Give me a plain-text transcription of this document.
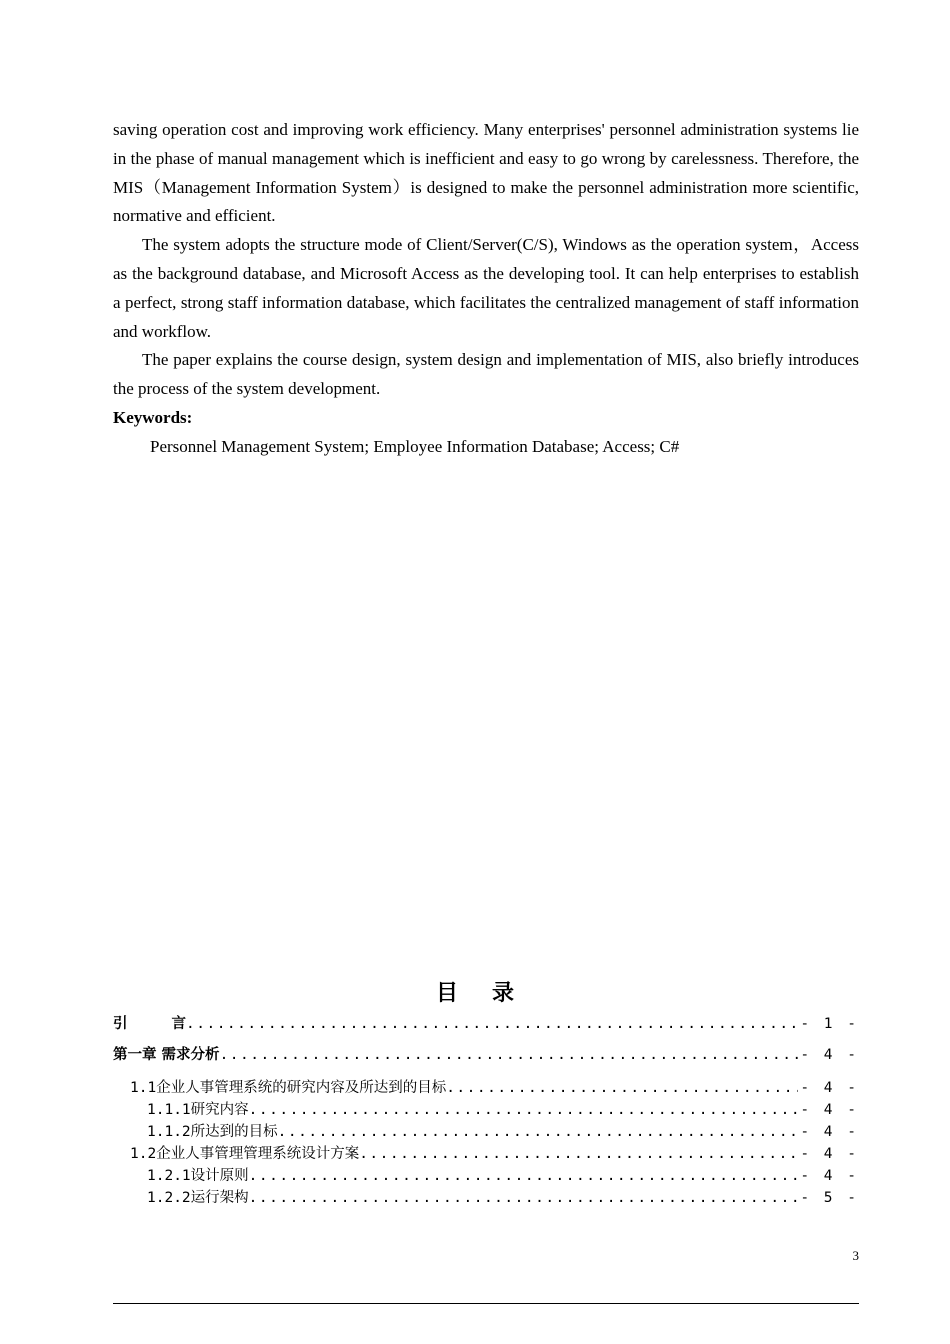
saving operation cost and improving work efficiency. Many enterprises' personnel administration systems lie in the phase of manual management which is inefficient and easy to go wrong by carelessness. Therefore, the MIS（Management Information System）is designed to make the personnel administration more scientific, normative and efficient.

The system adopts the structure mode of Client/Server(C/S), Windows as the operation system，Access as the background database, and Microsoft Access as the developing tool. It can help enterprises to establish a perfect, strong staff information database, which facilitates the centralized management of staff information and workflow.

The paper explains the course design, system design and implementation of MIS, also briefly introduces the process of the system development.

Keywords:

Personnel Management System; Employee Information Database; Access; C#

目 录
引	言 .....	- 1 -
第一章 需求分析 .....	- 4 -
1.1 企业人事管理系统的研究内容及所达到的目标 .....	- 4 -
1.1.1 研究内容 .....	- 4 -
1.1.2 所达到的目标 .....	- 4 -
1.2 企业人事管理管理系统设计方案 .....	- 4 -
1.2.1 设计原则 .....	- 4 -
1.2.2 运行架构 .....	- 5 -
3
